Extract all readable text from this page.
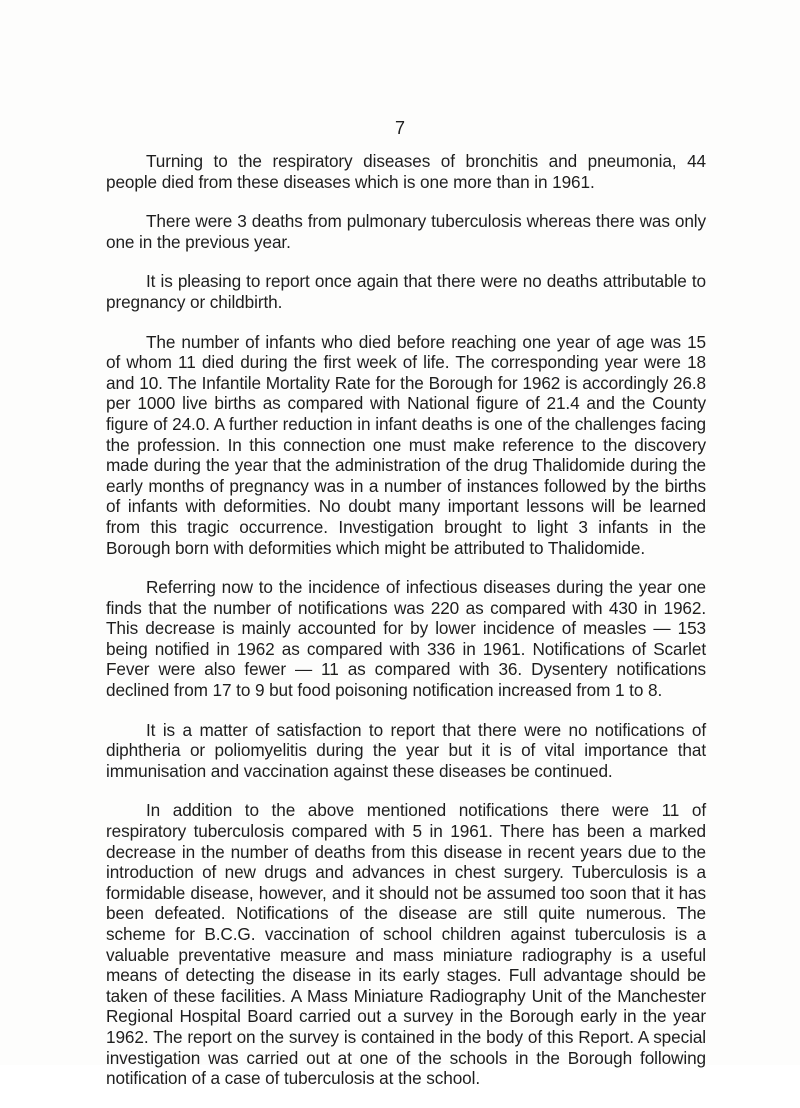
7

Turning to the respiratory diseases of bronchitis and pneumonia, 44 people died from these diseases which is one more than in 1961.

There were 3 deaths from pulmonary tuberculosis whereas there was only one in the previous year.

It is pleasing to report once again that there were no deaths attributable to pregnancy or childbirth.

The number of infants who died before reaching one year of age was 15 of whom 11 died during the first week of life. The corresponding year were 18 and 10. The Infantile Mortality Rate for the Borough for 1962 is accordingly 26.8 per 1000 live births as compared with National figure of 21.4 and the County figure of 24.0. A further reduction in infant deaths is one of the challenges facing the profession. In this connection one must make reference to the discovery made during the year that the administration of the drug Thalidomide during the early months of pregnancy was in a number of instances followed by the births of infants with deformities. No doubt many important lessons will be learned from this tragic occurrence. Investigation brought to light 3 infants in the Borough born with deformities which might be attributed to Thalidomide.

Referring now to the incidence of infectious diseases during the year one finds that the number of notifications was 220 as compared with 430 in 1962. This decrease is mainly accounted for by lower incidence of measles — 153 being notified in 1962 as compared with 336 in 1961. Notifications of Scarlet Fever were also fewer — 11 as compared with 36. Dysentery notifications declined from 17 to 9 but food poisoning notification increased from 1 to 8.

It is a matter of satisfaction to report that there were no notifications of diphtheria or poliomyelitis during the year but it is of vital importance that immunisation and vaccination against these diseases be continued.

In addition to the above mentioned notifications there were 11 of respiratory tuberculosis compared with 5 in 1961. There has been a marked decrease in the number of deaths from this disease in recent years due to the introduction of new drugs and advances in chest surgery. Tuberculosis is a formidable disease, however, and it should not be assumed too soon that it has been defeated. Notifications of the disease are still quite numerous. The scheme for B.C.G. vaccination of school children against tuberculosis is a valuable preventative measure and mass miniature radiography is a useful means of detecting the disease in its early stages. Full advantage should be taken of these facilities. A Mass Miniature Radiography Unit of the Manchester Regional Hospital Board carried out a survey in the Borough early in the year 1962. The report on the survey is contained in the body of this Report. A special investigation was carried out at one of the schools in the Borough following notification of a case of tuberculosis at the school.
